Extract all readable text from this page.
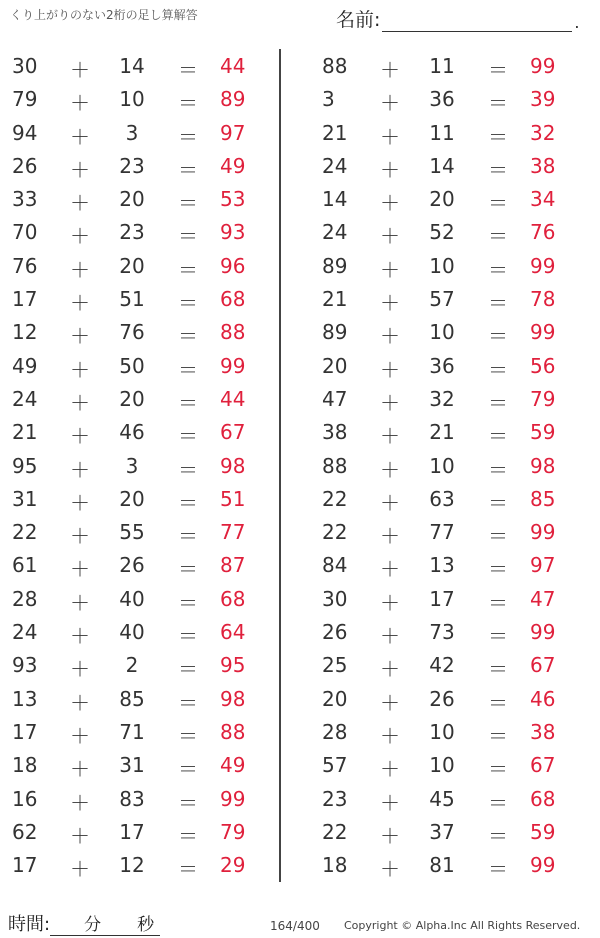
くり上がりのない2桁の足し算解答	名前:	.
30	＋	14	＝ 44
79	＋	10	＝ 89
94	＋	3	＝ 97
26	＋	23	＝ 49
33	＋	20	＝ 53
70	＋	23	＝ 93
76	＋	20	＝ 96
17	＋	51	＝ 68
12	＋	76	＝ 88
49	＋	50	＝ 99
24	＋	20	＝ 44
21	＋	46	＝ 67
95	＋	3	＝ 98
31	＋	20	＝ 51
22	＋	55	＝ 77
61	＋	26	＝ 87
28	＋	40	＝ 68
24	＋	40	＝ 64
93	＋	2	＝ 95
13	＋	85	＝ 98
17	＋	71	＝ 88
18	＋	31	＝ 49
16	＋	83	＝ 99
62	＋	17	＝ 79
17	＋	12	＝ 29
88	＋	11	＝ 99
3	＋	36	＝ 39
21	＋	11	＝ 32
24	＋	14	＝ 38
14	＋	20	＝ 34
24	＋	52	＝ 76
89	＋	10	＝ 99
21	＋	57	＝ 78
89	＋	10	＝ 99
20	＋	36	＝ 56
47	＋	32	＝ 79
38	＋	21	＝ 59
88	＋	10	＝ 98
22	＋	63	＝ 85
22	＋	77	＝ 99
84	＋	13	＝ 97
30	＋	17	＝ 47
26	＋	73	＝ 99
25	＋	42	＝ 67
20	＋	26	＝ 46
28	＋	10	＝ 38
57	＋	10	＝ 67
23	＋	45	＝ 68
22	＋	37	＝ 59
18	＋	81	＝ 99
時間: 分 秒	164/400 Copyright © Alpha.Inc All Rights Reserved.
